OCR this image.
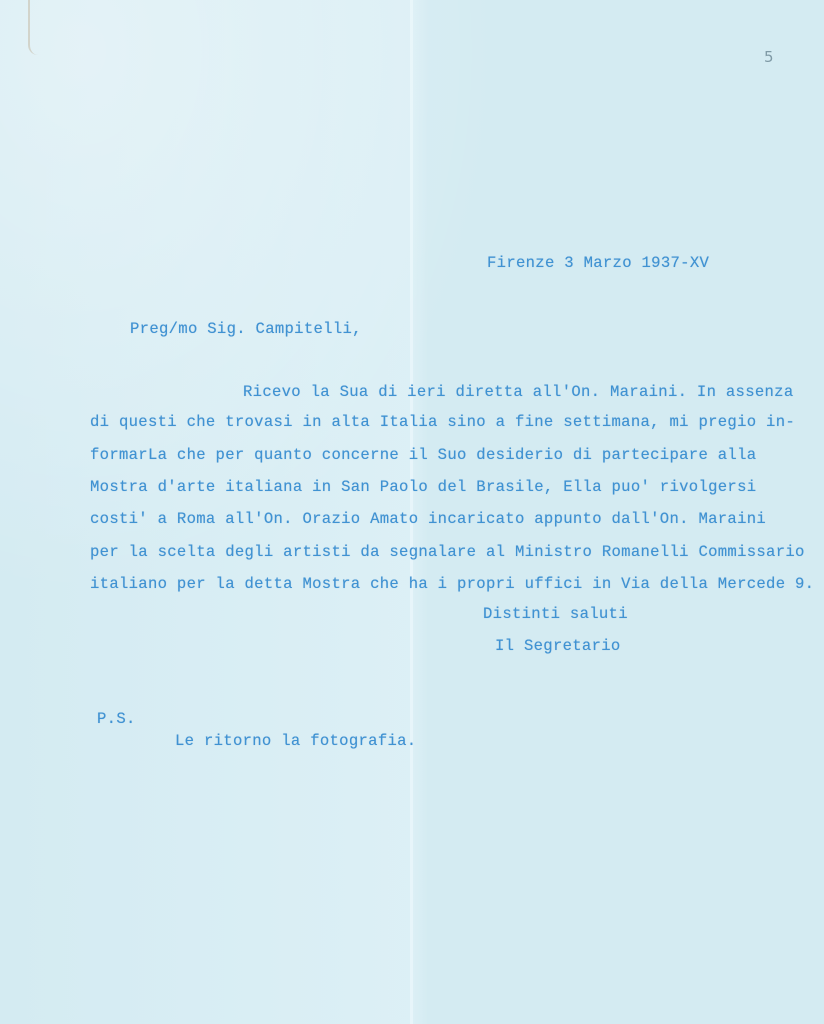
5
Firenze 3 Marzo 1937-XV
Preg/mo Sig. Campitelli,
Ricevo la Sua di ieri diretta all'On. Maraini. In assenza
di questi che trovasi in alta Italia sino a fine settimana, mi pregio in-
formarLa che per quanto concerne il Suo desiderio di partecipare alla
Mostra d'arte italiana in San Paolo del Brasile, Ella puo' rivolgersi
costi' a Roma all'On. Orazio Amato incaricato appunto dall'On. Maraini
per la scelta degli artisti da segnalare al Ministro Romanelli Commissario
italiano per la detta Mostra che ha i propri uffici in Via della Mercede 9.
Distinti saluti
Il Segretario
P.S.
Le ritorno la fotografia.
